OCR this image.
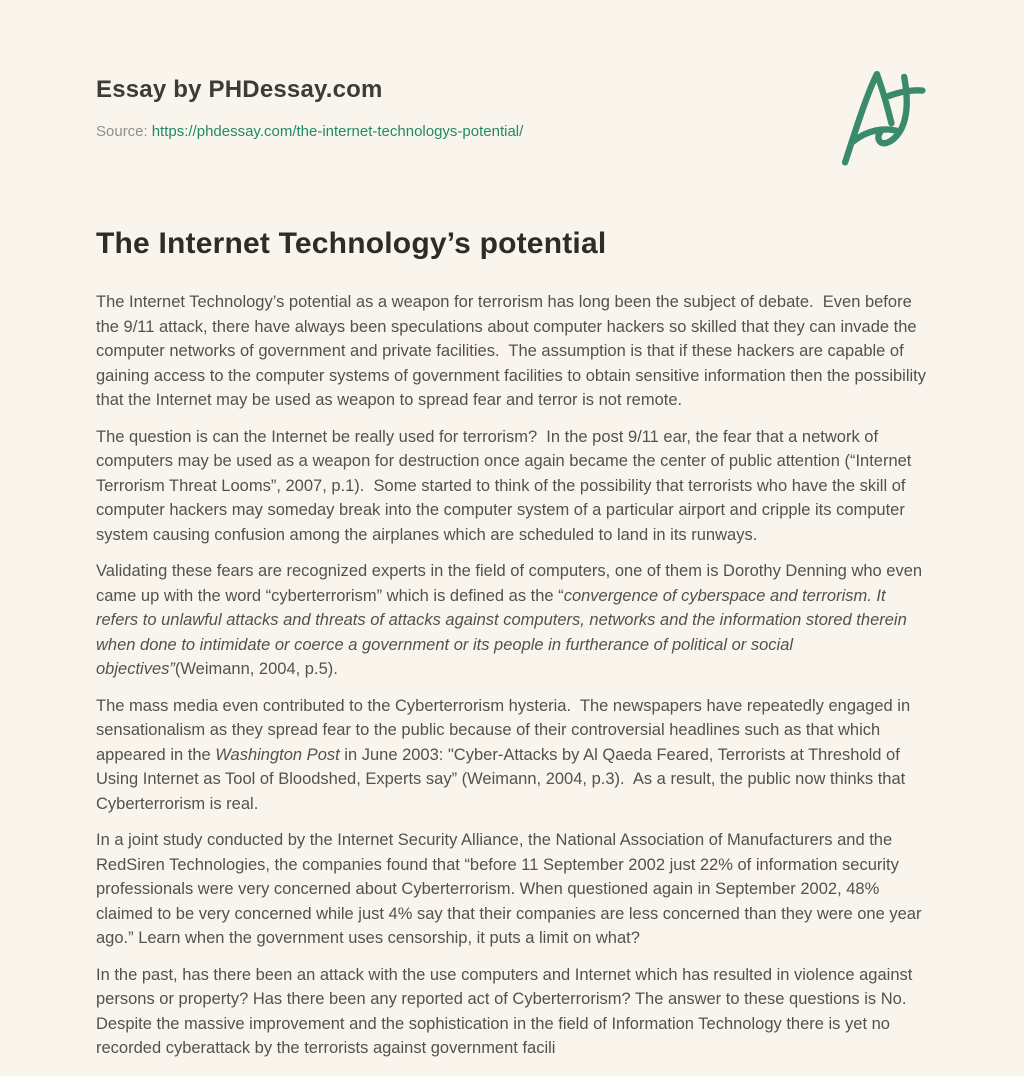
Essay by PHDessay.com
Source: https://phdessay.com/the-internet-technologys-potential/
The Internet Technology’s potential

The Internet Technology’s potential as a weapon for terrorism has long been the subject of debate.  Even before the 9/11 attack, there have always been speculations about computer hackers so skilled that they can invade the computer networks of government and private facilities.  The assumption is that if these hackers are capable of gaining access to the computer systems of government facilities to obtain sensitive information then the possibility that the Internet may be used as weapon to spread fear and terror is not remote.

The question is can the Internet be really used for terrorism?  In the post 9/11 ear, the fear that a network of computers may be used as a weapon for destruction once again became the center of public attention (“Internet Terrorism Threat Looms”, 2007, p.1).  Some started to think of the possibility that terrorists who have the skill of computer hackers may someday break into the computer system of a particular airport and cripple its computer system causing confusion among the airplanes which are scheduled to land in its runways.

Validating these fears are recognized experts in the field of computers, one of them is Dorothy Denning who even came up with the word “cyberterrorism” which is defined as the “convergence of cyberspace and terrorism. It refers to unlawful attacks and threats of attacks against computers, networks and the information stored therein when done to intimidate or coerce a government or its people in furtherance of political or social objectives”(Weimann, 2004, p.5).

The mass media even contributed to the Cyberterrorism hysteria.  The newspapers have repeatedly engaged in sensationalism as they spread fear to the public because of their controversial headlines such as that which appeared in the Washington Post in June 2003: "Cyber-Attacks by Al Qaeda Feared, Terrorists at Threshold of Using Internet as Tool of Bloodshed, Experts say” (Weimann, 2004, p.3).  As a result, the public now thinks that Cyberterrorism is real.

In a joint study conducted by the Internet Security Alliance, the National Association of Manufacturers and the RedSiren Technologies, the companies found that “before 11 September 2002 just 22% of information security professionals were very concerned about Cyberterrorism. When questioned again in September 2002, 48% claimed to be very concerned while just 4% say that their companies are less concerned than they were one year ago.” Learn when the government uses censorship, it puts a limit on what?

In the past, has there been an attack with the use computers and Internet which has resulted in violence against persons or property? Has there been any reported act of Cyberterrorism? The answer to these questions is No. Despite the massive improvement and the sophistication in the field of Information Technology there is yet no recorded cyberattack by the terrorists against government facili
